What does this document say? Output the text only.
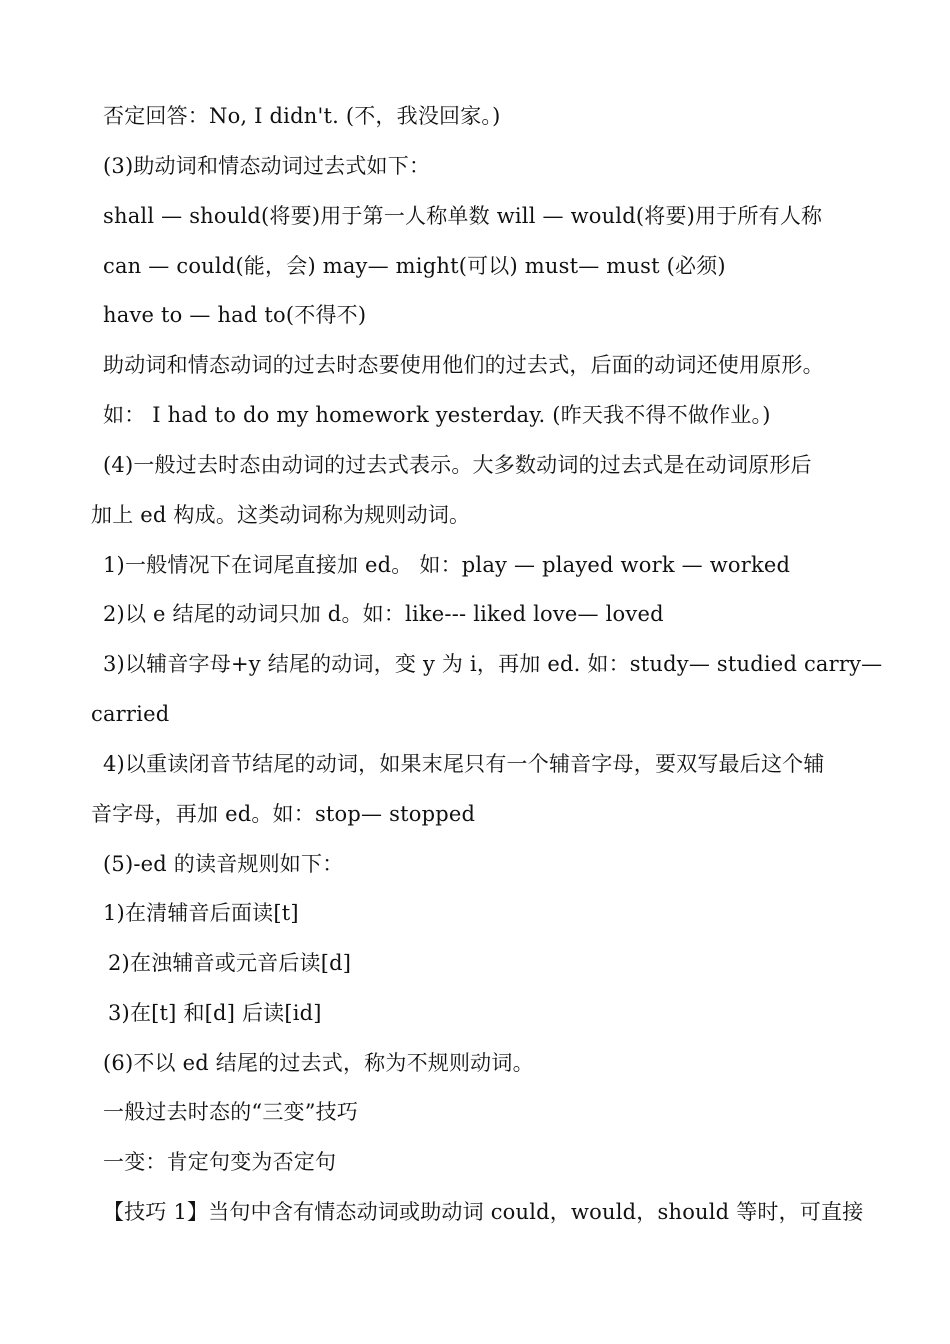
否定回答：No, I didn't. (不，我没回家。)
(3)助动词和情态动词过去式如下：
shall — should(将要)用于第一人称单数 will — would(将要)用于所有人称
can — could(能，会) may— might(可以) must— must (必须)
have to — had to(不得不)
助动词和情态动词的过去时态要使用他们的过去式，后面的动词还使用原形。
如： I had to do my homework yesterday. (昨天我不得不做作业。)
(4)一般过去时态由动词的过去式表示。大多数动词的过去式是在动词原形后
加上 ed 构成。这类动词称为规则动词。
1)一般情况下在词尾直接加 ed。 如：play — played work — worked
2)以 e 结尾的动词只加 d。如：like--- liked love— loved
3)以辅音字母+y 结尾的动词，变 y 为 i，再加 ed. 如：study— studied carry—
carried
4)以重读闭音节结尾的动词，如果末尾只有一个辅音字母，要双写最后这个辅
音字母，再加 ed。如：stop— stopped
(5)-ed 的读音规则如下：
1)在清辅音后面读[t]
2)在浊辅音或元音后读[d]
3)在[t] 和[d] 后读[id]
(6)不以 ed 结尾的过去式，称为不规则动词。
一般过去时态的“三变”技巧
一变：肯定句变为否定句
【技巧 1】当句中含有情态动词或助动词 could，would，should 等时，可直接
